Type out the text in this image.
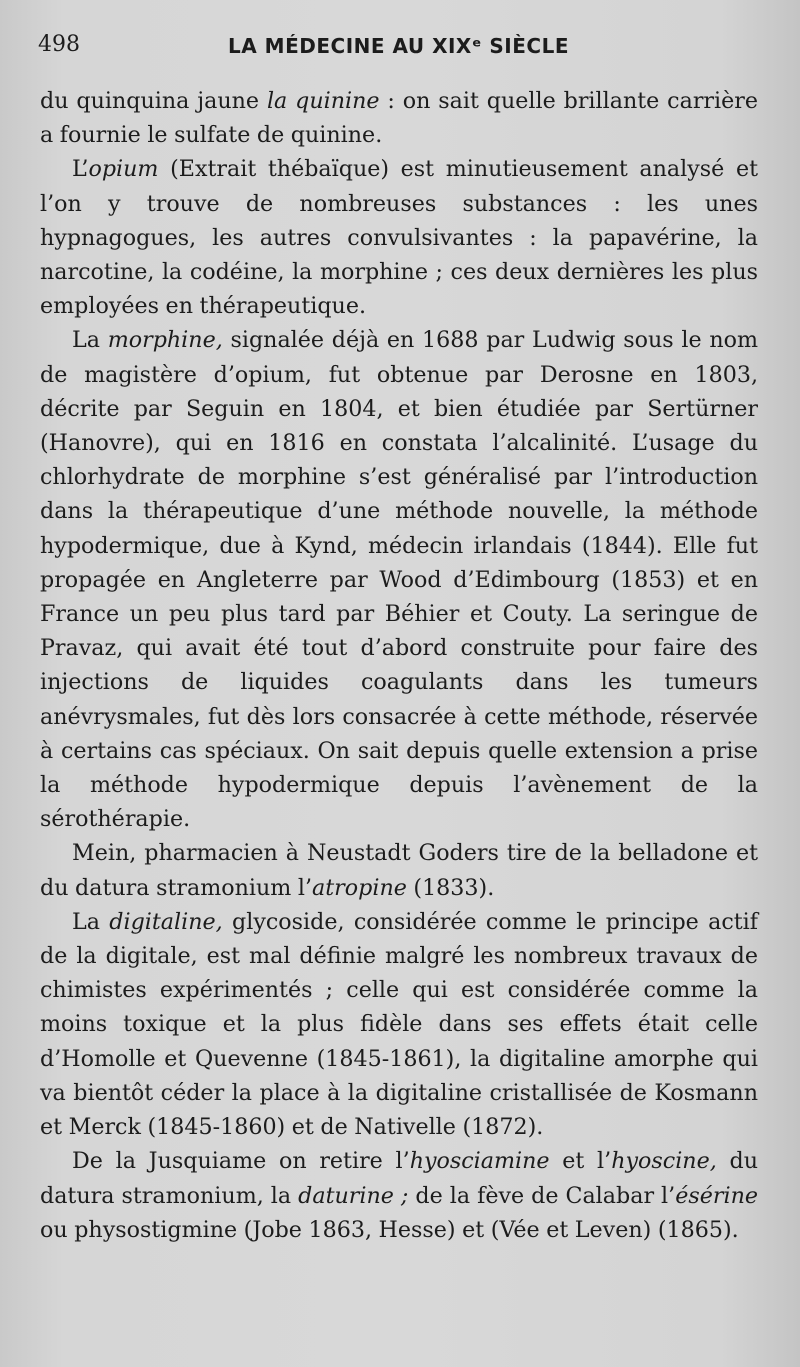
498	LA MÉDECINE AU XIXᵉ SIÈCLE

du quinquina jaune la quinine : on sait quelle brillante carrière a fournie le sulfate de quinine.

L’opium (Extrait thébaïque) est minutieusement analysé et l’on y trouve de nombreuses substances : les unes hypnagogues, les autres convulsivantes : la papavérine, la narcotine, la codéine, la morphine ; ces deux dernières les plus employées en thérapeutique.

La morphine, signalée déjà en 1688 par Ludwig sous le nom de magistère d’opium, fut obtenue par Derosne en 1803, décrite par Seguin en 1804, et bien étudiée par Sertürner (Hanovre), qui en 1816 en constata l’alcalinité. L’usage du chlorhydrate de morphine s’est généralisé par l’introduction dans la thérapeutique d’une méthode nouvelle, la méthode hypodermique, due à Kynd, médecin irlandais (1844). Elle fut propagée en Angleterre par Wood d’Edimbourg (1853) et en France un peu plus tard par Béhier et Couty. La seringue de Pravaz, qui avait été tout d’abord construite pour faire des injections de liquides coagulants dans les tumeurs anévrysmales, fut dès lors consacrée à cette méthode, réservée à certains cas spéciaux. On sait depuis quelle extension a prise la méthode hypodermique depuis l’avènement de la sérothérapie.

Mein, pharmacien à Neustadt Goders tire de la belladone et du datura stramonium l’atropine (1833).

La digitaline, glycoside, considérée comme le principe actif de la digitale, est mal définie malgré les nombreux travaux de chimistes expérimentés ; celle qui est considérée comme la moins toxique et la plus fidèle dans ses effets était celle d’Homolle et Quevenne (1845-1861), la digitaline amorphe qui va bientôt céder la place à la digitaline cristallisée de Kosmann et Merck (1845-1860) et de Nativelle (1872).

De la Jusquiame on retire l’hyosciamine et l’hyoscine, du datura stramonium, la daturine ; de la fève de Calabar l’ésérine ou physostigmine (Jobe 1863, Hesse) et (Vée et Leven) (1865).
